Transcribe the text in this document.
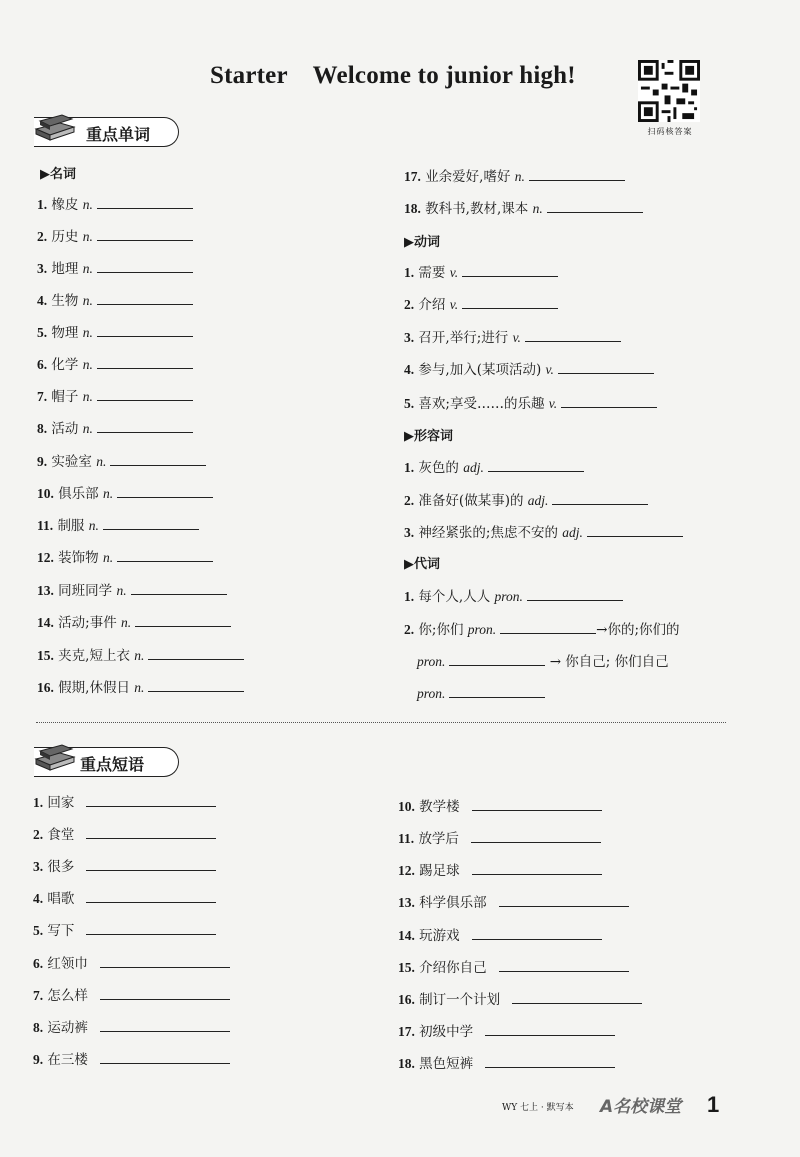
Starter    Welcome to junior high!
扫码核答案
重点单词
▶名词
1. 橡皮 n.
2. 历史 n.
3. 地理 n.
4. 生物 n.
5. 物理 n.
6. 化学 n.
7. 帽子 n.
8. 活动 n.
9. 实验室 n.
10. 俱乐部 n.
11. 制服 n.
12. 装饰物 n.
13. 同班同学 n.
14. 活动;事件 n.
15. 夹克,短上衣 n.
16. 假期,休假日 n.
17. 业余爱好,嗜好 n.
18. 教科书,教材,课本 n.
▶动词
1. 需要 v.
2. 介绍 v.
3. 召开,举行;进行 v.
4. 参与,加入(某项活动) v.
5. 喜欢;享受……的乐趣 v.
▶形容词
1. 灰色的 adj.
2. 准备好(做某事)的 adj.
3. 神经紧张的;焦虑不安的 adj.
▶代词
1. 每个人,人人 pron.
2. 你;你们 pron.	→你的;你们的
pron.	→ 你自己; 你们自己
pron.
重点短语
1. 回家
2. 食堂
3. 很多
4. 唱歌
5. 写下
6. 红领巾
7. 怎么样
8. 运动裤
9. 在三楼
10. 教学楼
11. 放学后
12. 踢足球
13. 科学俱乐部
14. 玩游戏
15. 介绍你自己
16. 制订一个计划
17. 初级中学
18. 黑色短裤
WY 七上 · 默写本 A名校课堂 1
